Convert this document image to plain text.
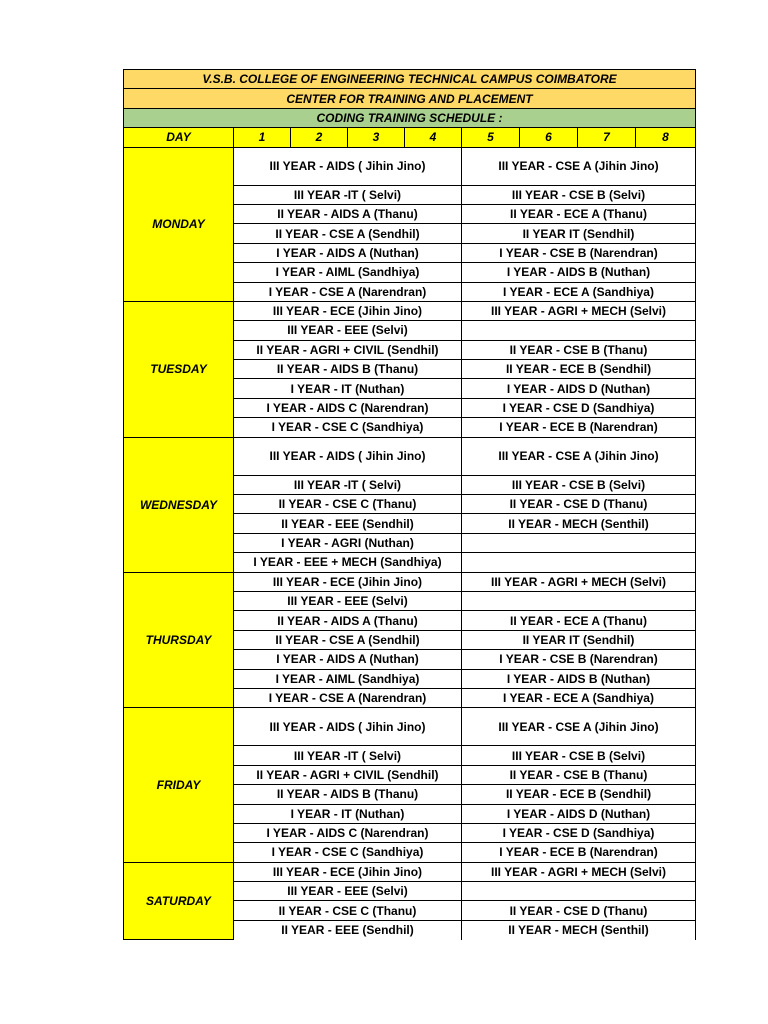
V.S.B. COLLEGE OF ENGINEERING TECHNICAL CAMPUS COIMBATORE								
CENTER FOR TRAINING AND PLACEMENT								
CODING TRAINING SCHEDULE :								
DAY	1	2	3	4	5	6	7	8
MONDAY	III YEAR - AIDS ( Jihin Jino)				III YEAR - CSE A (Jihin Jino)			
	III YEAR -IT ( Selvi)				III YEAR - CSE B (Selvi)			
	II YEAR - AIDS A (Thanu)				II YEAR - ECE A (Thanu)			
	II YEAR - CSE A (Sendhil)				II YEAR IT (Sendhil)			
	I YEAR - AIDS A (Nuthan)				I YEAR - CSE B (Narendran)			
	I YEAR - AIML (Sandhiya)				I YEAR - AIDS B (Nuthan)			
	I YEAR - CSE A (Narendran)				I YEAR - ECE A (Sandhiya)			
TUESDAY	III YEAR - ECE (Jihin Jino)				III YEAR - AGRI + MECH (Selvi)			
	III YEAR - EEE (Selvi)							
	II YEAR - AGRI + CIVIL (Sendhil)				II YEAR - CSE B (Thanu)			
	II YEAR - AIDS B (Thanu)				II YEAR - ECE B (Sendhil)			
	I YEAR - IT (Nuthan)				I YEAR - AIDS D (Nuthan)			
	I YEAR - AIDS C (Narendran)				I YEAR - CSE D (Sandhiya)			
	I YEAR - CSE C (Sandhiya)				I YEAR - ECE B (Narendran)			
WEDNESDAY	III YEAR - AIDS ( Jihin Jino)				III YEAR - CSE A (Jihin Jino)			
	III YEAR -IT ( Selvi)				III YEAR - CSE B (Selvi)			
	II YEAR - CSE C (Thanu)				II YEAR - CSE D (Thanu)			
	II YEAR - EEE (Sendhil)				II YEAR - MECH (Senthil)			
	I YEAR - AGRI (Nuthan)							
	I YEAR - EEE + MECH (Sandhiya)							
THURSDAY	III YEAR - ECE (Jihin Jino)				III YEAR - AGRI + MECH (Selvi)			
	III YEAR - EEE (Selvi)							
	II YEAR - AIDS A (Thanu)				II YEAR - ECE A (Thanu)			
	II YEAR - CSE A (Sendhil)				II YEAR IT (Sendhil)			
	I YEAR - AIDS A (Nuthan)				I YEAR - CSE B (Narendran)			
	I YEAR - AIML (Sandhiya)				I YEAR - AIDS B (Nuthan)			
	I YEAR - CSE A (Narendran)				I YEAR - ECE A (Sandhiya)			
FRIDAY	III YEAR - AIDS ( Jihin Jino)				III YEAR - CSE A (Jihin Jino)			
	III YEAR -IT ( Selvi)				III YEAR - CSE B (Selvi)			
	II YEAR - AGRI + CIVIL (Sendhil)				II YEAR - CSE B (Thanu)			
	II YEAR - AIDS B (Thanu)				II YEAR - ECE B (Sendhil)			
	I YEAR - IT (Nuthan)				I YEAR - AIDS D (Nuthan)			
	I YEAR - AIDS C (Narendran)				I YEAR - CSE D (Sandhiya)			
	I YEAR - CSE C (Sandhiya)				I YEAR - ECE B (Narendran)			
SATURDAY	III YEAR - ECE (Jihin Jino)				III YEAR - AGRI + MECH (Selvi)			
	III YEAR - EEE (Selvi)							
	II YEAR - CSE C (Thanu)				II YEAR - CSE D (Thanu)			
	II YEAR - EEE (Sendhil)				II YEAR - MECH (Senthil)			
